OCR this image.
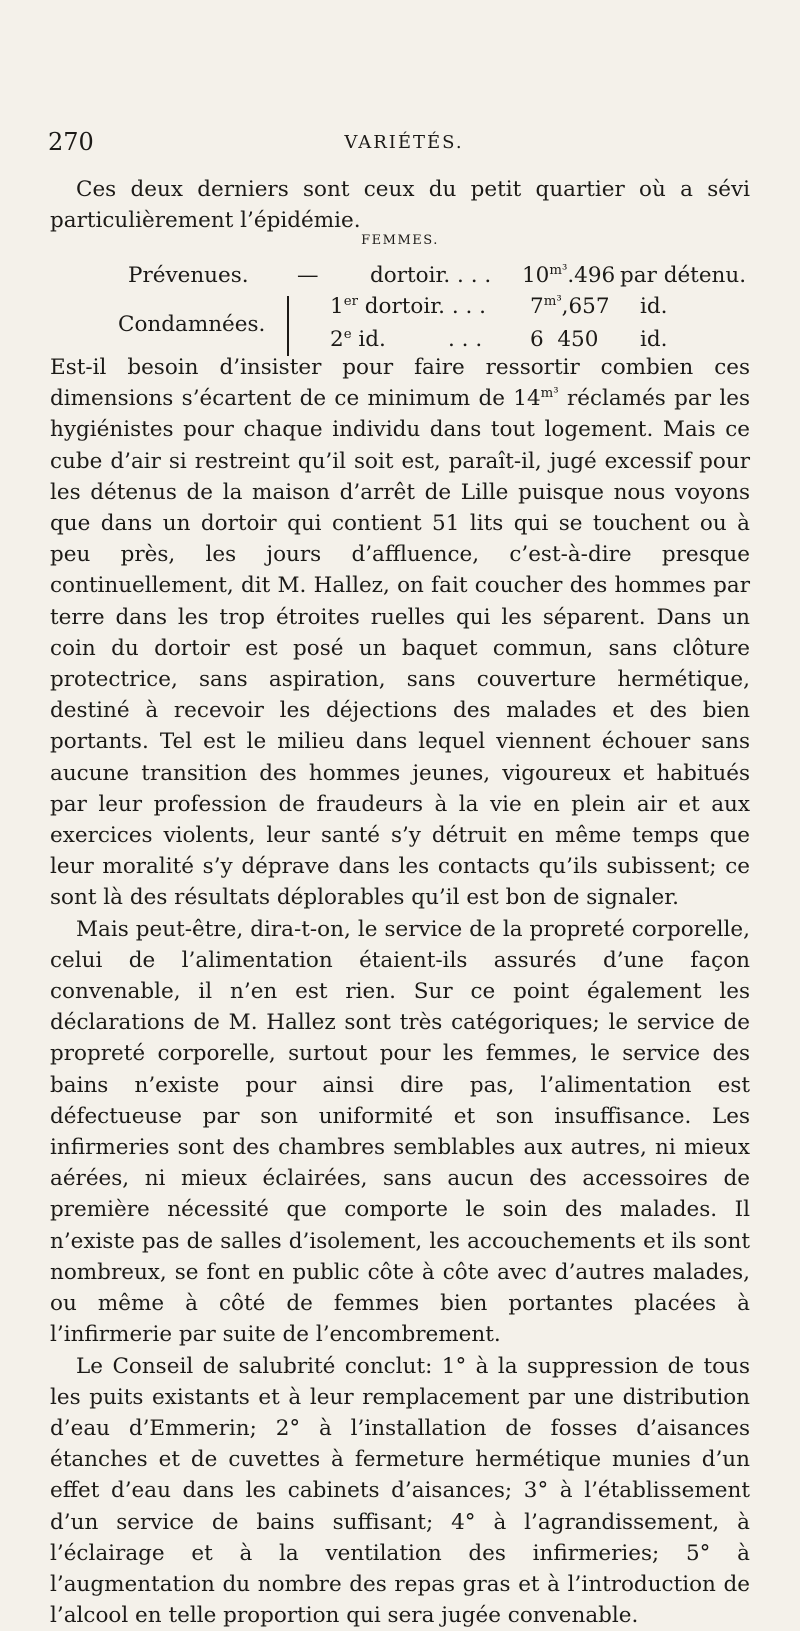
270	VARIÉTÉS.

Ces deux derniers sont ceux du petit quartier où a sévi particulièrement l’épidémie.

FEMMES.
Prévenues. — dortoir. . . . $10^{m^3}.496$ par détenu.
Condamnées.
1er dortoir. . . . $7^{m^3},657$ id.
2e id.	. . . 6  450 id.

Est-il besoin d’insister pour faire ressortir combien ces dimensions s’écartent de ce minimum de $14^{m^3}$ réclamés par les hygiénistes pour chaque individu dans tout logement. Mais ce cube d’air si restreint qu’il soit est, paraît-il, jugé excessif pour les détenus de la maison d’arrêt de Lille puisque nous voyons que dans un dortoir qui contient 51 lits qui se touchent ou à peu près, les jours d’affluence, c’est-à-dire presque continuellement, dit M. Hallez, on fait coucher des hommes par terre dans les trop étroites ruelles qui les séparent. Dans un coin du dortoir est posé un baquet commun, sans clôture protectrice, sans aspiration, sans couverture hermétique, destiné à recevoir les déjections des malades et des bien portants. Tel est le milieu dans lequel viennent échouer sans aucune transition des hommes jeunes, vigoureux et habitués par leur profession de fraudeurs à la vie en plein air et aux exercices violents, leur santé s’y détruit en même temps que leur moralité s’y déprave dans les contacts qu’ils subissent; ce sont là des résultats déplorables qu’il est bon de signaler.

Mais peut-être, dira-t-on, le service de la propreté corporelle, celui de l’alimentation étaient-ils assurés d’une façon convenable, il n’en est rien. Sur ce point également les déclarations de M. Hallez sont très catégoriques; le service de propreté corporelle, surtout pour les femmes, le service des bains n’existe pour ainsi dire pas, l’alimentation est défectueuse par son uniformité et son insuffisance. Les infirmeries sont des chambres semblables aux autres, ni mieux aérées, ni mieux éclairées, sans aucun des accessoires de première nécessité que comporte le soin des malades. Il n’existe pas de salles d’isolement, les accouchements et ils sont nombreux, se font en public côte à côte avec d’autres malades, ou même à côté de femmes bien portantes placées à l’infirmerie par suite de l’encombrement.

Le Conseil de salubrité conclut: 1° à la suppression de tous les puits existants et à leur remplacement par une distribution d’eau d’Emmerin; 2° à l’installation de fosses d’aisances étanches et de cuvettes à fermeture hermétique munies d’un effet d’eau dans les cabinets d’aisances; 3° à l’établissement d’un service de bains suffisant; 4° à l’agrandissement, à l’éclairage et à la ventilation des infirmeries; 5° à l’augmentation du nombre des repas gras et à l’introduction de l’alcool en telle proportion qui sera jugée convenable.
